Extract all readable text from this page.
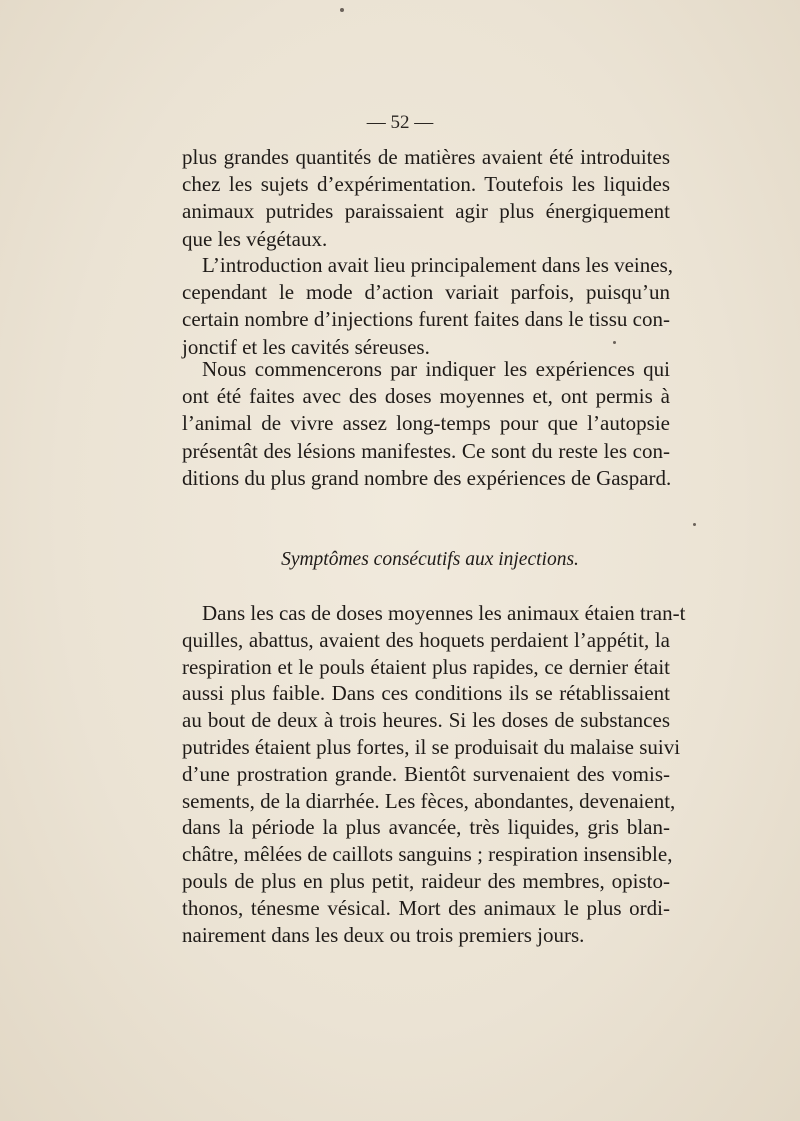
— 52 —
plus grandes quantités de matières avaient été introduites
chez les sujets d’expérimentation. Toutefois les liquides
animaux putrides paraissaient agir plus énergiquement
que les végétaux.
L’introduction avait lieu principalement dans les veines,
cependant le mode d’action variait parfois, puisqu’un
certain nombre d’injections furent faites dans le tissu con-
jonctif et les cavités séreuses.
Nous commencerons par indiquer les expériences qui
ont été faites avec des doses moyennes et, ont permis à
l’animal de vivre assez long-temps pour que l’autopsie
présentât des lésions manifestes. Ce sont du reste les con-
ditions du plus grand nombre des expériences de Gaspard.
Symptômes consécutifs aux injections.
Dans les cas de doses moyennes les animaux étaien tran-t
quilles, abattus, avaient des hoquets perdaient l’appétit, la
respiration et le pouls étaient plus rapides, ce dernier était
aussi plus faible. Dans ces conditions ils se rétablissaient
au bout de deux à trois heures. Si les doses de substances
putrides étaient plus fortes, il se produisait du malaise suivi
d’une prostration grande. Bientôt survenaient des vomis-
sements, de la diarrhée. Les fèces, abondantes, devenaient,
dans la période la plus avancée, très liquides, gris blan-
châtre, mêlées de caillots sanguins ; respiration insensible,
pouls de plus en plus petit, raideur des membres, opisto-
thonos, ténesme vésical. Mort des animaux le plus ordi-
nairement dans les deux ou trois premiers jours.
